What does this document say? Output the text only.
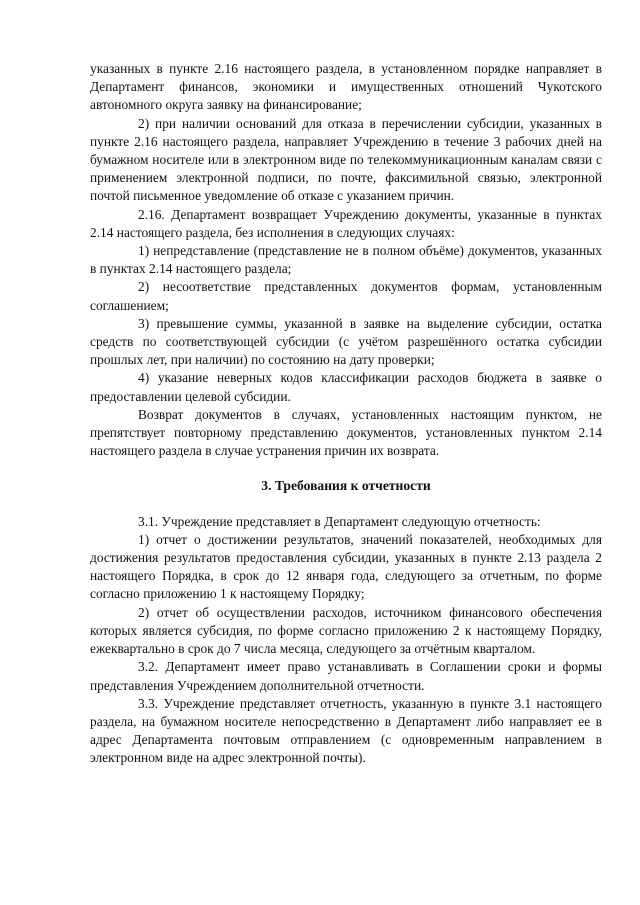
указанных в пункте 2.16 настоящего раздела, в установленном порядке направляет в Департамент финансов, экономики и имущественных отношений Чукотского автономного округа заявку на финансирование;

2) при наличии оснований для отказа в перечислении субсидии, указанных в пункте 2.16 настоящего раздела, направляет Учреждению в течение 3 рабочих дней на бумажном носителе или в электронном виде по телекоммуникационным каналам связи с применением электронной подписи, по почте, факсимильной связью, электронной почтой письменное уведомление об отказе с указанием причин.

2.16. Департамент возвращает Учреждению документы, указанные в пунктах 2.14 настоящего раздела, без исполнения в следующих случаях:

1) непредставление (представление не в полном объёме) документов, указанных в пунктах 2.14 настоящего раздела;

2) несоответствие представленных документов формам, установленным соглашением;

3) превышение суммы, указанной в заявке на выделение субсидии, остатка средств по соответствующей субсидии (с учётом разрешённого остатка субсидии прошлых лет, при наличии) по состоянию на дату проверки;

4) указание неверных кодов классификации расходов бюджета в заявке о предоставлении целевой субсидии.

Возврат документов в случаях, установленных настоящим пунктом, не препятствует повторному представлению документов, установленных пунктом 2.14 настоящего раздела в случае устранения причин их возврата.

3. Требования к отчетности

3.1. Учреждение представляет в Департамент следующую отчетность:

1) отчет о достижении результатов, значений показателей, необходимых для достижения результатов предоставления субсидии, указанных в пункте 2.13 раздела 2 настоящего Порядка, в срок до 12 января года, следующего за отчетным, по форме согласно приложению 1 к настоящему Порядку;

2) отчет об осуществлении расходов, источником финансового обеспечения которых является субсидия, по форме согласно приложению 2 к настоящему Порядку, ежеквартально в срок до 7 числа месяца, следующего за отчётным кварталом.

3.2. Департамент имеет право устанавливать в Соглашении сроки и формы представления Учреждением дополнительной отчетности.

3.3. Учреждение представляет отчетность, указанную в пункте 3.1 настоящего раздела, на бумажном носителе непосредственно в Департамент либо направляет ее в адрес Департамента почтовым отправлением (с одновременным направлением в электронном виде на адрес электронной почты).
